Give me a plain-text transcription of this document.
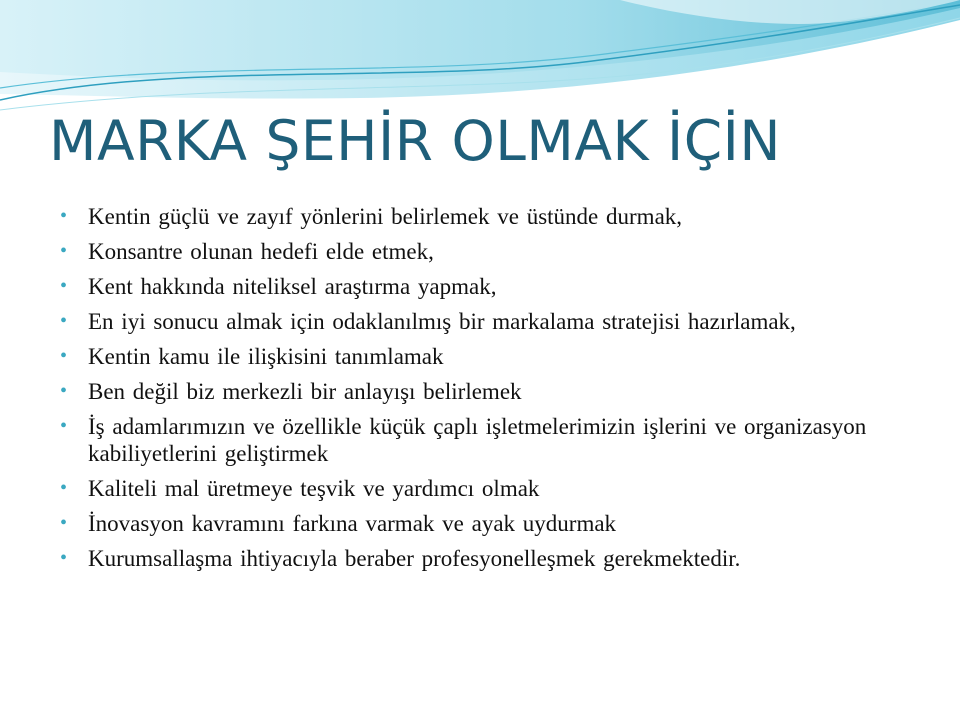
MARKA ŞEHİR OLMAK İÇİN
• Kentin güçlü ve zayıf yönlerini belirlemek ve üstünde durmak,
• Konsantre olunan hedefi elde etmek,
• Kent hakkında niteliksel araştırma yapmak,
• En iyi sonucu almak için odaklanılmış bir markalama stratejisi hazırlamak,
• Kentin kamu ile ilişkisini tanımlamak
• Ben değil biz merkezli bir anlayışı belirlemek
• İş adamlarımızın ve özellikle küçük çaplı işletmelerimizin işlerini ve organizasyon kabiliyetlerini geliştirmek
• Kaliteli mal üretmeye teşvik ve yardımcı olmak
• İnovasyon kavramını farkına varmak ve ayak uydurmak
• Kurumsallaşma ihtiyacıyla beraber profesyonelleşmek gerekmektedir.
